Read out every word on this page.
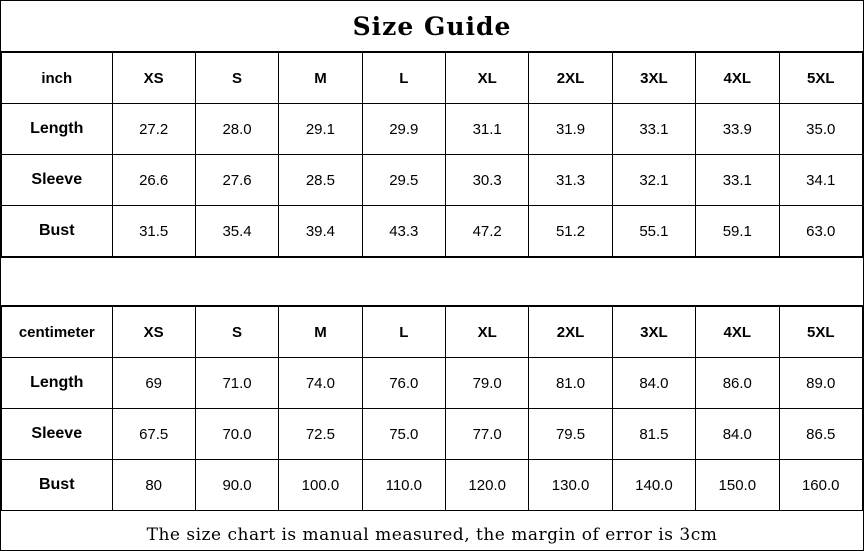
Size Guide
inch	XS	S	M	L	XL	2XL	3XL	4XL	5XL
Length	27.2	28.0	29.1	29.9	31.1	31.9	33.1	33.9	35.0
Sleeve	26.6	27.6	28.5	29.5	30.3	31.3	32.1	33.1	34.1
Bust	31.5	35.4	39.4	43.3	47.2	51.2	55.1	59.1	63.0
centimeter	XS	S	M	L	XL	2XL	3XL	4XL	5XL
Length	69	71.0	74.0	76.0	79.0	81.0	84.0	86.0	89.0
Sleeve	67.5	70.0	72.5	75.0	77.0	79.5	81.5	84.0	86.5
Bust	80	90.0	100.0	110.0	120.0	130.0	140.0	150.0	160.0
The size chart is manual measured, the margin of error is 3cm
